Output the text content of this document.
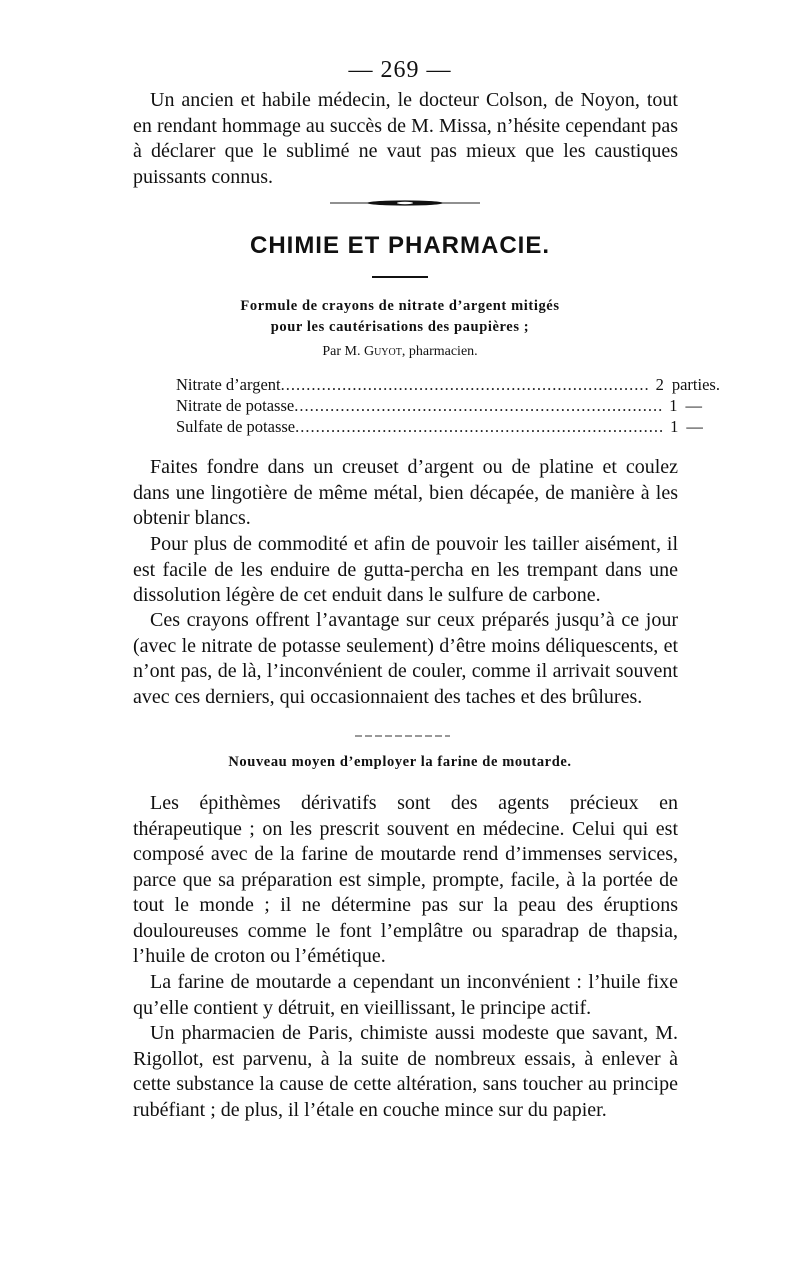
— 269 —

Un ancien et habile médecin, le docteur Colson, de Noyon, tout en rendant hommage au succès de M. Missa, n’hésite cependant pas à déclarer que le sublimé ne vaut pas mieux que les caustiques puissants connus.

CHIMIE ET PHARMACIE.
Formule de crayons de nitrate d’argent mitigés
pour les cautérisations des paupières ;
Par M. Guyot, pharmacien.
Nitrate d’argent ........................................................................ 2 parties.
Nitrate de potasse ........................................................................ 1 —
Sulfate de potasse ........................................................................ 1 —

Faites fondre dans un creuset d’argent ou de platine et coulez dans une lingotière de même métal, bien décapée, de manière à les obtenir blancs.

Pour plus de commodité et afin de pouvoir les tailler aisément, il est facile de les enduire de gutta-percha en les trempant dans une dissolution légère de cet enduit dans le sulfure de carbone.

Ces crayons offrent l’avantage sur ceux préparés jusqu’à ce jour (avec le nitrate de potasse seulement) d’être moins déliquescents, et n’ont pas, de là, l’inconvénient de couler, comme il arrivait souvent avec ces derniers, qui occasionnaient des taches et des brûlures.

Nouveau moyen d’employer la farine de moutarde.

Les épithèmes dérivatifs sont des agents précieux en thérapeutique ; on les prescrit souvent en médecine. Celui qui est composé avec de la farine de moutarde rend d’immenses services, parce que sa préparation est simple, prompte, facile, à la portée de tout le monde ; il ne détermine pas sur la peau des éruptions douloureuses comme le font l’emplâtre ou sparadrap de thapsia, l’huile de croton ou l’émétique.

La farine de moutarde a cependant un inconvénient : l’huile fixe qu’elle contient y détruit, en vieillissant, le principe actif.

Un pharmacien de Paris, chimiste aussi modeste que savant, M. Rigollot, est parvenu, à la suite de nombreux essais, à enlever à cette substance la cause de cette altération, sans toucher au principe rubéfiant ; de plus, il l’étale en couche mince sur du papier.
